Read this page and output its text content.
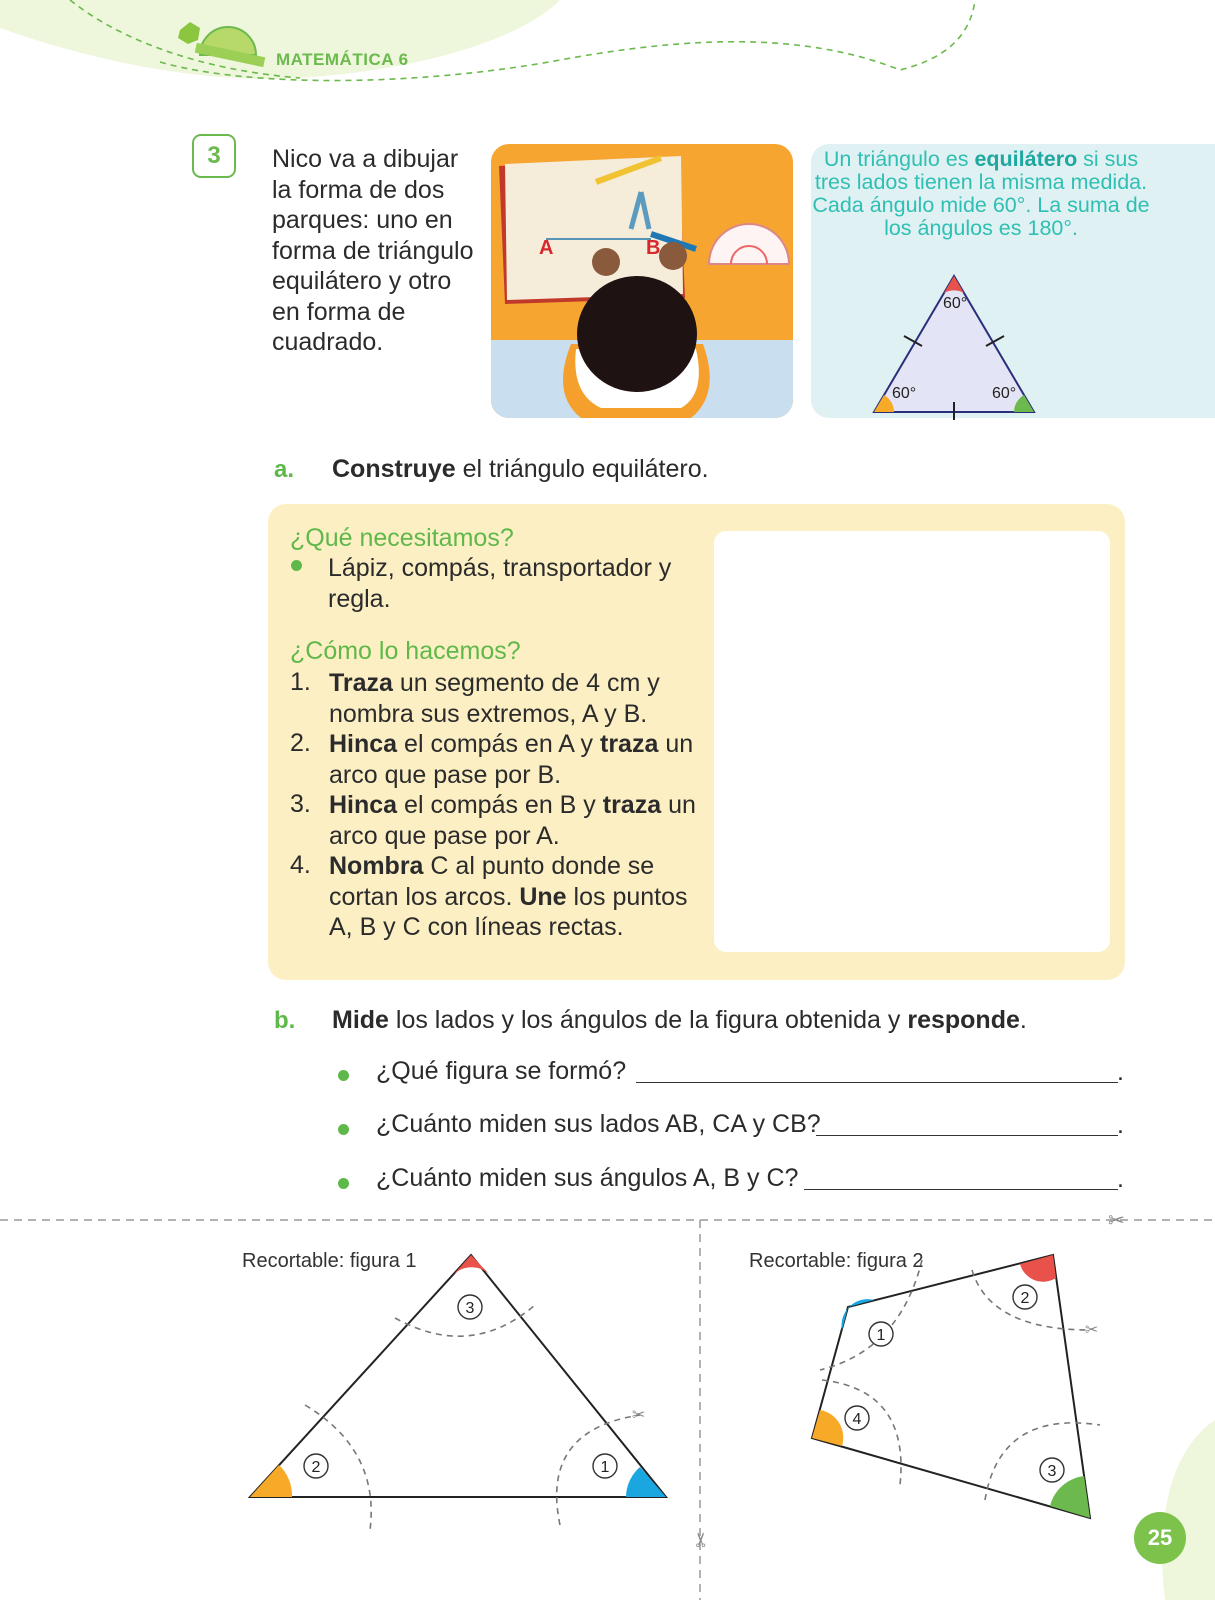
MATEMÁTICA 6
3	Nico va a dibujar la forma de dos parques: uno en forma de triángulo equilátero y otro en forma de cuadrado.
A	B
Un triángulo es equilátero si sus tres lados tienen la misma medida. Cada ángulo mide 60°. La suma de los ángulos es 180°.
60°
60°	60°
a. Construye el triángulo equilátero.
¿Qué necesitamos?
Lápiz, compás, transportador y regla.
¿Cómo lo hacemos?
1. Traza un segmento de 4 cm y nombra sus extremos, A y B.
2. Hinca el compás en A y traza un arco que pase por B.
3. Hinca el compás en B y traza un arco que pase por A.
4. Nombra C al punto donde se cortan los arcos. Une los puntos A, B y C con líneas rectas.
b. Mide los lados y los ángulos de la figura obtenida y responde.
¿Qué figura se formó?	.
¿Cuánto miden sus lados AB, CA y CB?	.
¿Cuánto miden sus ángulos A, B y C?	.
✂
✂
✂
3
2	1
✂
1
2
3
4
Recortable: figura 1	Recortable: figura 2
25
